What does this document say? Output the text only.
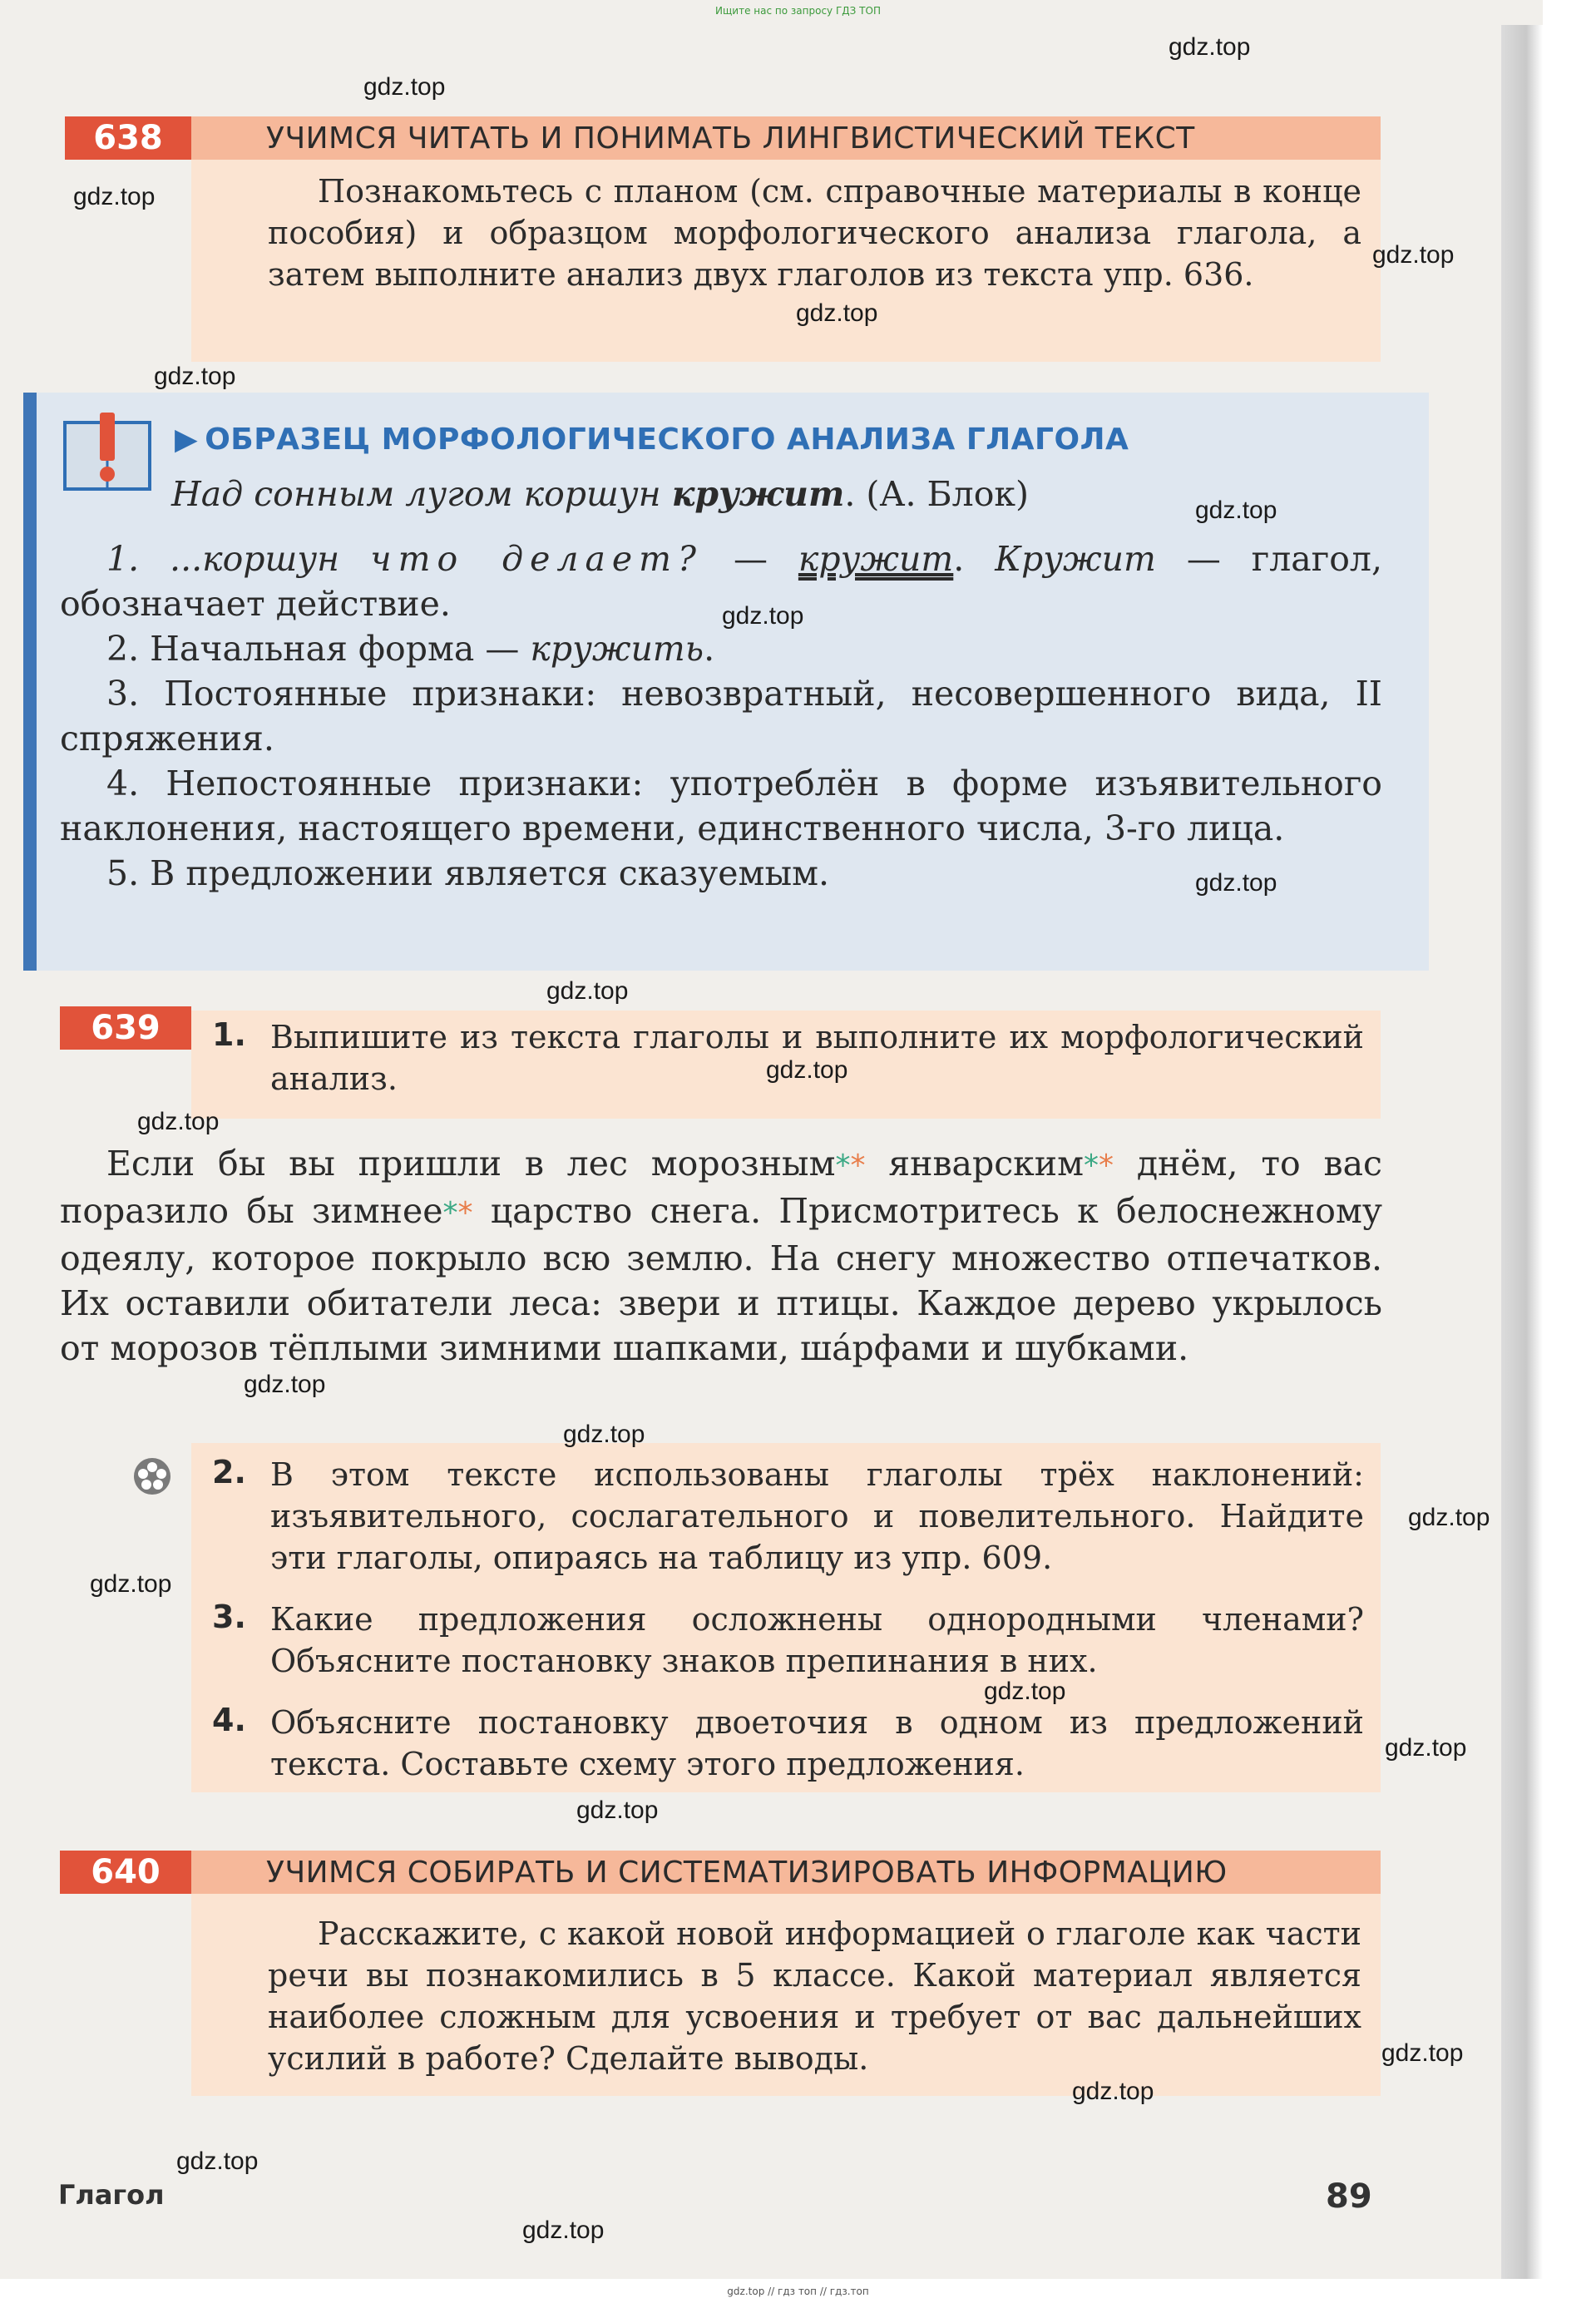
Ищите нас по запросу ГДЗ ТОП
638	УЧИМСЯ ЧИТАТЬ И ПОНИМАТЬ ЛИНГВИСТИЧЕСКИЙ ТЕКСТ

Познакомьтесь с планом (см. справочные материалы в конце пособия) и образцом морфологического анализа глагола, а затем выполните анализ двух глаголов из текста упр. 636.

▶ ОБРАЗЕЦ МОРФОЛОГИЧЕСКОГО АНАЛИЗА ГЛАГОЛА

Над сонным лугом коршун кружит. (А. Блок)

1. ...коршун что делает? — кружит. Кружит — глагол, обозначает действие.
2. Начальная форма — кружить.
3. Постоянные признаки: невозвратный, несовершенного вида, II спряжения.
4. Непостоянные признаки: употреблён в форме изъявительного наклонения, настоящего времени, единственного числа, 3-го лица.
5. В предложении является сказуемым.
639	1. Выпишите из текста глаголы и выполните их морфологический анализ.

Если бы вы пришли в лес морозным** январским** днём, то вас поразило бы зимнее** царство снега. Присмотритесь к белоснежному одеялу, которое покрыло всю землю. На снегу множество отпечатков. Их оставили обитатели леса: звери и птицы. Каждое дерево укрылось от морозов тёплыми зимними шапками, ша́рфами и шубками.

2. В этом тексте использованы глаголы трёх наклонений: изъявительного, сослагательного и повелительного. Найдите эти глаголы, опираясь на таблицу из упр. 609.
3. Какие предложения осложнены однородными членами? Объясните постановку знаков препинания в них.
4. Объясните постановку двоеточия в одном из предложений текста. Составьте схему этого предложения.
640	УЧИМСЯ СОБИРАТЬ И СИСТЕМАТИЗИРОВАТЬ ИНФОРМАЦИЮ

Расскажите, с какой новой информацией о глаголе как части речи вы познакомились в 5 классе. Какой материал является наиболее сложным для усвоения и требует от вас дальнейших усилий в работе? Сделайте выводы.

Глагол	89
gdz.top
gdz.top
gdz.top
gdz.top
gdz.top
gdz.top
gdz.top
gdz.top
gdz.top
gdz.top
gdz.top
gdz.top
gdz.top
gdz.top
gdz.top
gdz.top
gdz.top
gdz.top
gdz.top
gdz.top
gdz.top
gdz.top
gdz.top
gdz.top // гдз топ // гдз.топ
